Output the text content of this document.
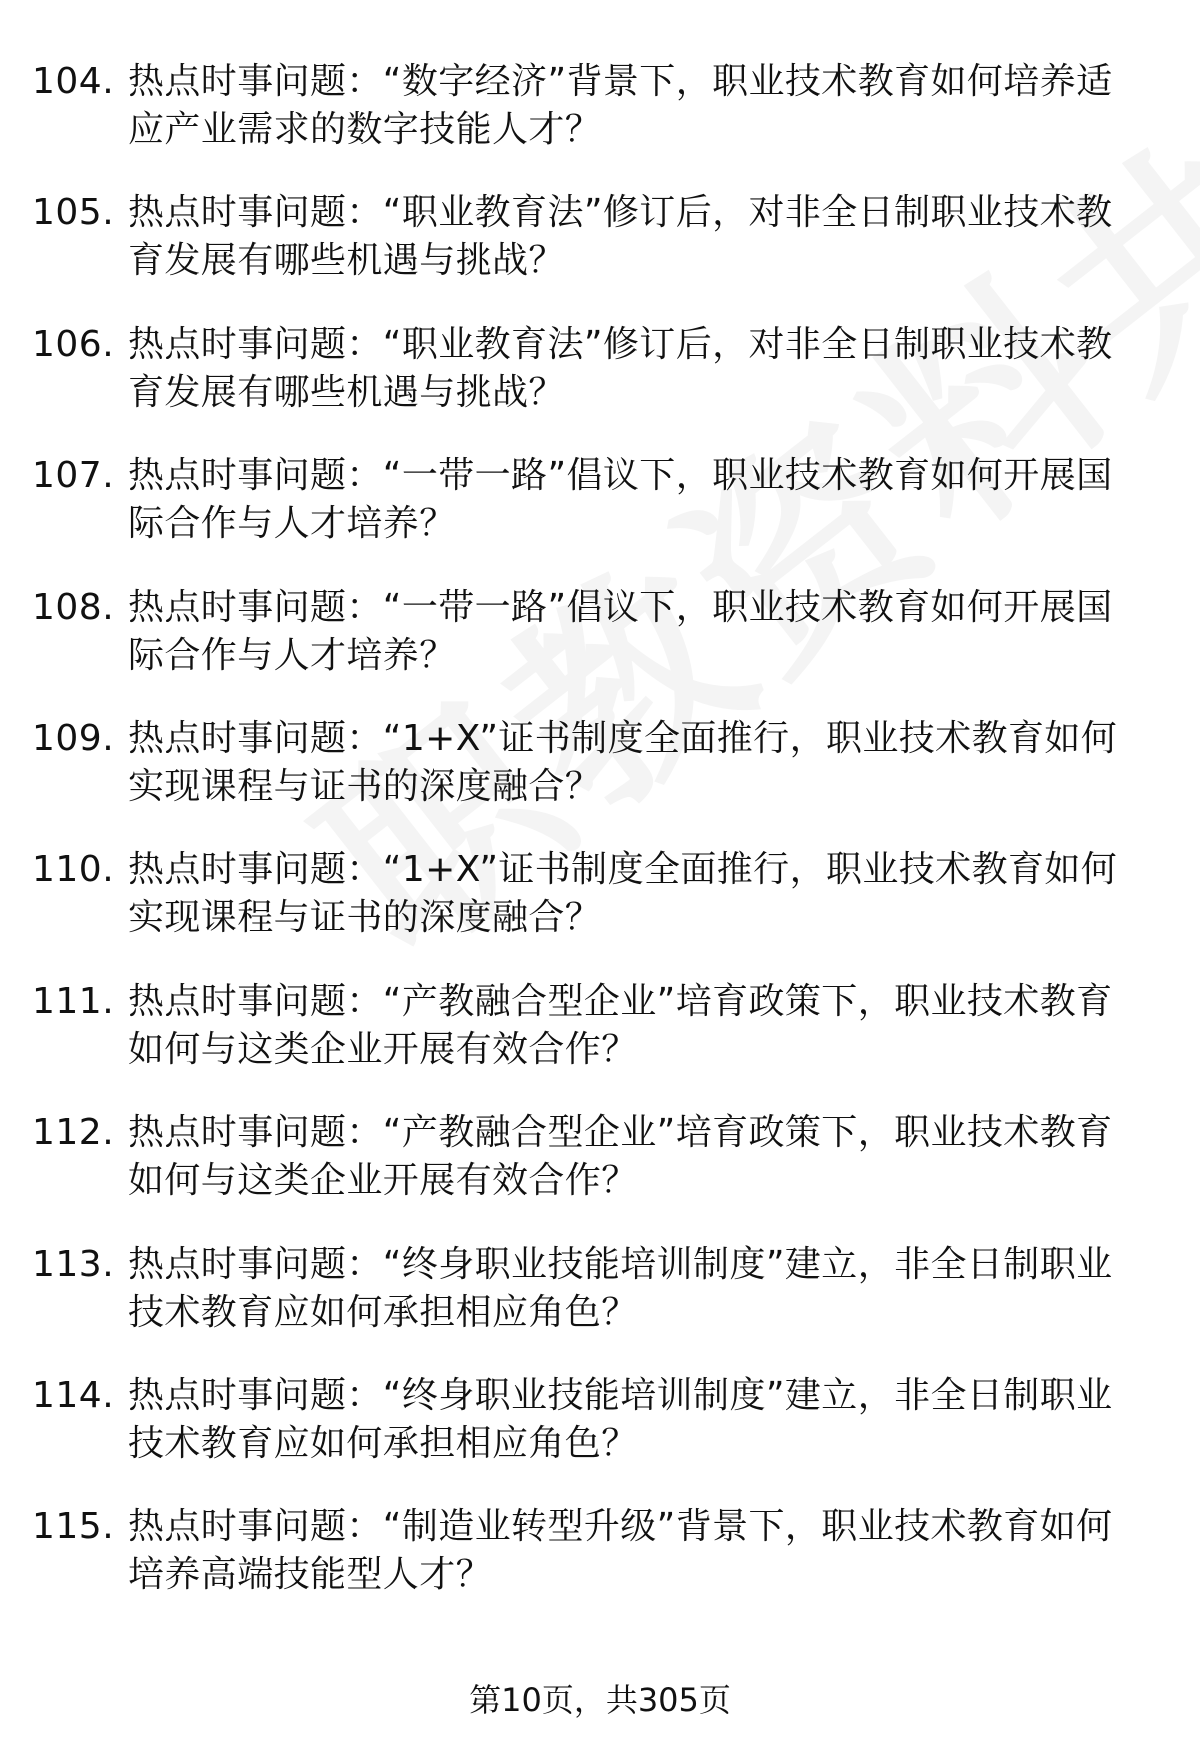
104. 热点时事问题：“数字经济”背景下，职业技术教育如何培养适应产业需求的数字技能人才？
105. 热点时事问题：“职业教育法”修订后，对非全日制职业技术教育发展有哪些机遇与挑战？
106. 热点时事问题：“职业教育法”修订后，对非全日制职业技术教育发展有哪些机遇与挑战？
107. 热点时事问题：“一带一路”倡议下，职业技术教育如何开展国际合作与人才培养？
108. 热点时事问题：“一带一路”倡议下，职业技术教育如何开展国际合作与人才培养？
109. 热点时事问题：“1+X”证书制度全面推行，职业技术教育如何实现课程与证书的深度融合？
110. 热点时事问题：“1+X”证书制度全面推行，职业技术教育如何实现课程与证书的深度融合？
111. 热点时事问题：“产教融合型企业”培育政策下，职业技术教育如何与这类企业开展有效合作？
112. 热点时事问题：“产教融合型企业”培育政策下，职业技术教育如何与这类企业开展有效合作？
113. 热点时事问题：“终身职业技能培训制度”建立，非全日制职业技术教育应如何承担相应角色？
114. 热点时事问题：“终身职业技能培训制度”建立，非全日制职业技术教育应如何承担相应角色？
115. 热点时事问题：“制造业转型升级”背景下，职业技术教育如何培养高端技能型人才？
第10页，共305页
